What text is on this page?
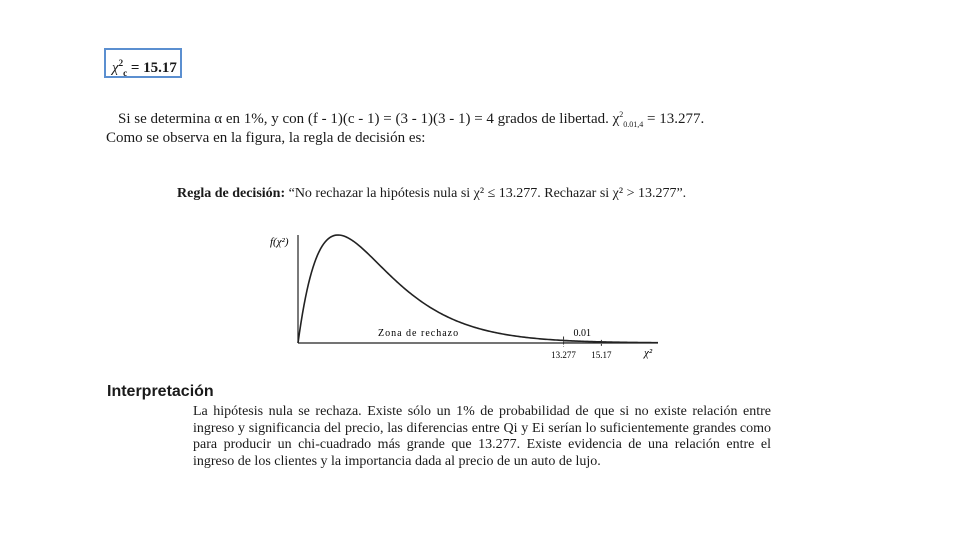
$\chi^2_c = 15.17$
Si se determina α en 1%, y con (f - 1)(c - 1) = (3 - 1)(3 - 1) = 4 grados de libertad. $\chi^2_{0.01,4} = 13.277$.
Como se observa en la figura, la regla de decisión es:
Regla de decisión: “No rechazar la hipótesis nula si χ² ≤ 13.277. Rechazar si χ² > 13.277”.
f(χ²)
Zona de rechazo	0.01
13.277 15.17	χ²
Interpretación
La hipótesis nula se rechaza. Existe sólo un 1% de probabilidad de que si no existe relación entre ingreso y significancia del precio, las diferencias entre Qi y Ei serían lo suficientemente grandes como para producir un chi-cuadrado más grande que 13.277. Existe evidencia de una relación entre el ingreso de los clientes y la importancia dada al precio de un auto de lujo.
